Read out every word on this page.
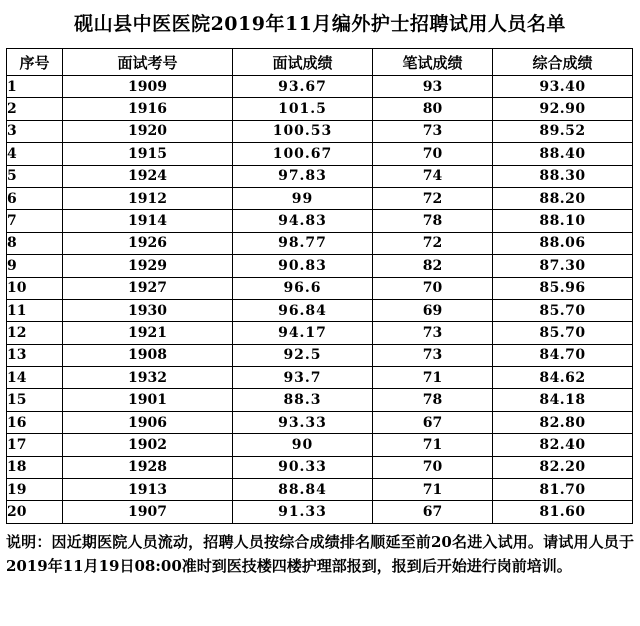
砚山县中医医院2019年11月编外护士招聘试用人员名单
序号	面试考号	面试成绩	笔试成绩	综合成绩
1	1909	93.67	93	93.40
2	1916	101.5	80	92.90
3	1920	100.53	73	89.52
4	1915	100.67	70	88.40
5	1924	97.83	74	88.30
6	1912	99	72	88.20
7	1914	94.83	78	88.10
8	1926	98.77	72	88.06
9	1929	90.83	82	87.30
10	1927	96.6	70	85.96
11	1930	96.84	69	85.70
12	1921	94.17	73	85.70
13	1908	92.5	73	84.70
14	1932	93.7	71	84.62
15	1901	88.3	78	84.18
16	1906	93.33	67	82.80
17	1902	90	71	82.40
18	1928	90.33	70	82.20
19	1913	88.84	71	81.70
20	1907	91.33	67	81.60
说明：因近期医院人员流动，招聘人员按综合成绩排名顺延至前20名进入试用。请试用人员于2019年11月19日08:00准时到医技楼四楼护理部报到，报到后开始进行岗前培训。
